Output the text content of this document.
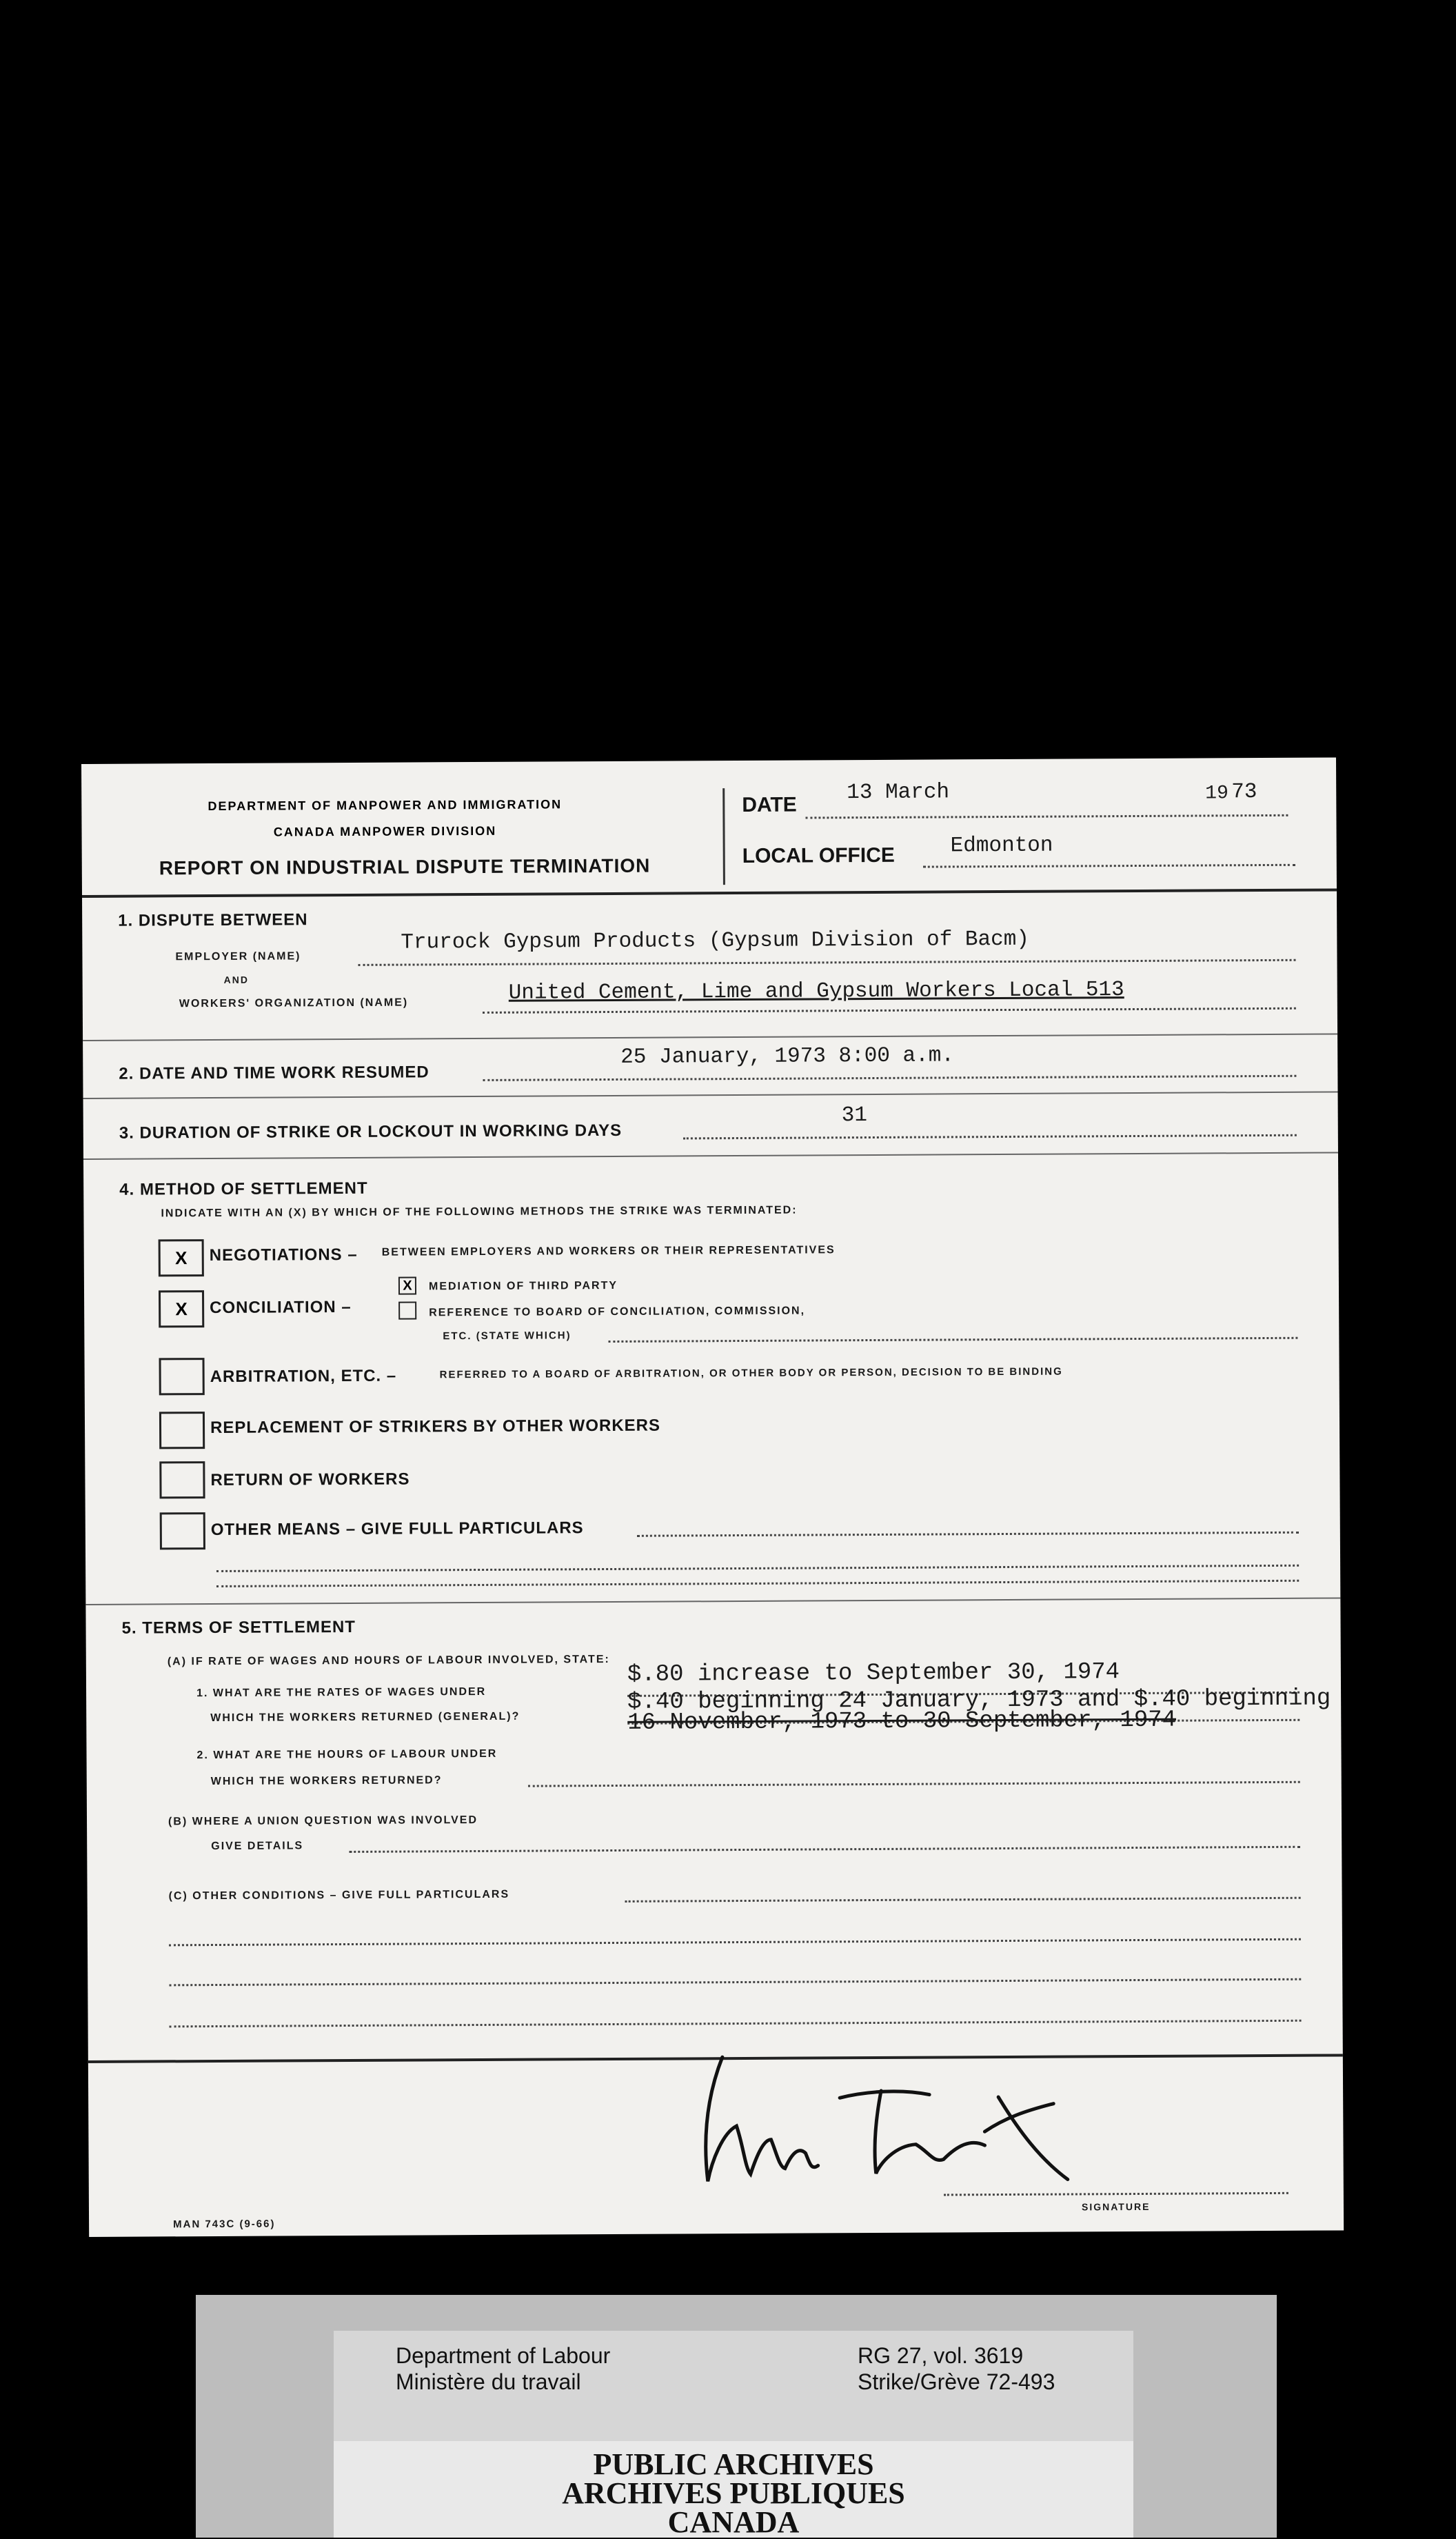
DEPARTMENT OF MANPOWER AND IMMIGRATION
CANADA MANPOWER DIVISION
REPORT ON INDUSTRIAL DISPUTE TERMINATION
DATE
13 March	19 73
LOCAL OFFICE	Edmonton
1. DISPUTE BETWEEN
EMPLOYER (NAME)
Trurock Gypsum Products (Gypsum Division of Bacm)
AND
WORKERS' ORGANIZATION (NAME)	United Cement, Lime and Gypsum Workers Local 513
2. DATE AND TIME WORK RESUMED
25 January, 1973 8:00 a.m.
3. DURATION OF STRIKE OR LOCKOUT IN WORKING DAYS
31
4. METHOD OF SETTLEMENT
INDICATE WITH AN (X) BY WHICH OF THE FOLLOWING METHODS THE STRIKE WAS TERMINATED:
X	NEGOTIATIONS – BETWEEN EMPLOYERS AND WORKERS OR THEIR REPRESENTATIVES
X	CONCILIATION –
X	MEDIATION OF THIRD PARTY
REFERENCE TO BOARD OF CONCILIATION, COMMISSION,
ETC. (STATE WHICH)
ARBITRATION, ETC. –	REFERRED TO A BOARD OF ARBITRATION, OR OTHER BODY OR PERSON, DECISION TO BE BINDING
REPLACEMENT OF STRIKERS BY OTHER WORKERS
RETURN OF WORKERS
OTHER MEANS – GIVE FULL PARTICULARS
5. TERMS OF SETTLEMENT
(A) IF RATE OF WAGES AND HOURS OF LABOUR INVOLVED, STATE:
1. WHAT ARE THE RATES OF WAGES UNDER
WHICH THE WORKERS RETURNED (GENERAL)?
$.80 increase to September 30, 1974
$.40 beginning 24 January, 1973 and $.40 beginning
16 November, 1973 to 30 September, 1974
2. WHAT ARE THE HOURS OF LABOUR UNDER
WHICH THE WORKERS RETURNED?
(B) WHERE A UNION QUESTION WAS INVOLVED
GIVE DETAILS
(C) OTHER CONDITIONS – GIVE FULL PARTICULARS
SIGNATURE
MAN 743C (9-66)
Department of Labour
Ministère du travail
RG 27, vol. 3619
Strike/Grève 72-493
PUBLIC ARCHIVES
ARCHIVES PUBLIQUES
CANADA
